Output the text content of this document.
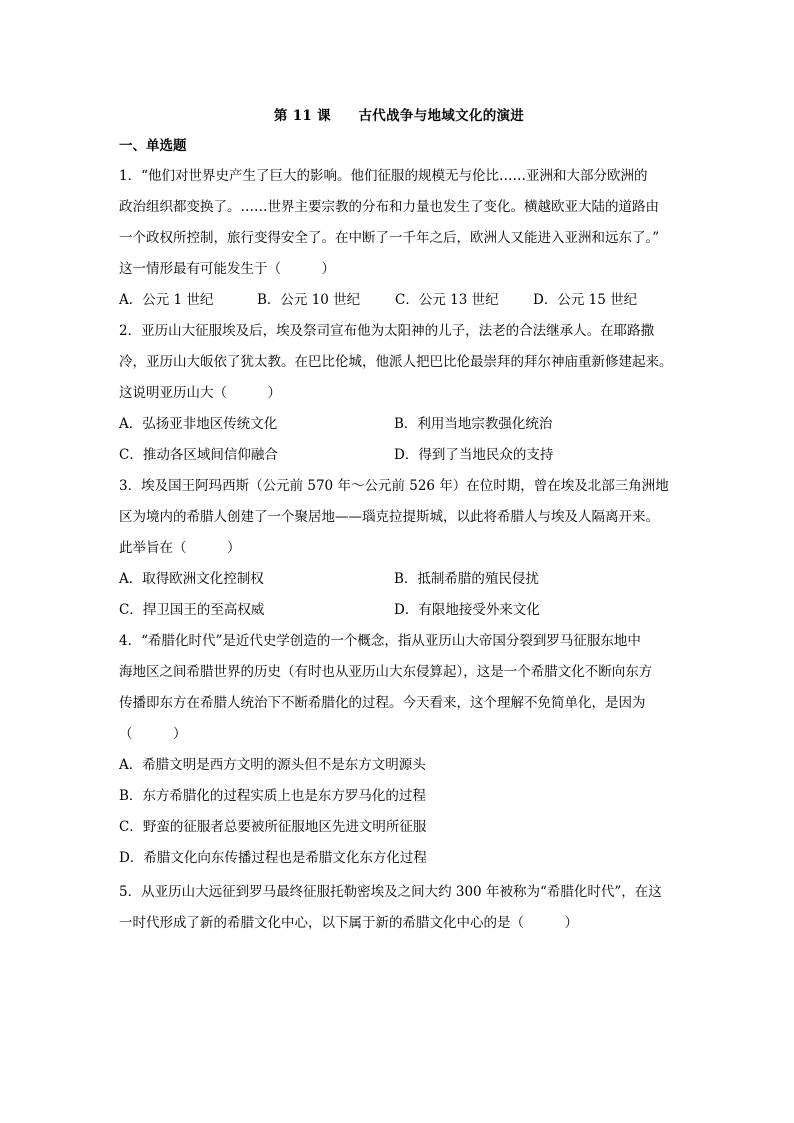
第 11 课　　古代战争与地域文化的演进
一、单选题

1．“他们对世界史产生了巨大的影响。他们征服的规模无与伦比……亚洲和大部分欧洲的

政治组织都变换了。……世界主要宗教的分布和力量也发生了变化。横越欧亚大陆的道路由

一个政权所控制，旅行变得安全了。在中断了一千年之后，欧洲人又能进入亚洲和远东了。”

这一情形最有可能发生于（　　　）

A．公元 1 世纪	B．公元 10 世纪	C．公元 13 世纪	D．公元 15 世纪

2．亚历山大征服埃及后，埃及祭司宣布他为太阳神的儿子，法老的合法继承人。在耶路撒

冷，亚历山大皈依了犹太教。在巴比伦城，他派人把巴比伦最崇拜的拜尔神庙重新修建起来。

这说明亚历山大（　　　）

A．弘扬亚非地区传统文化	B．利用当地宗教强化统治
C．推动各区域间信仰融合	D．得到了当地民众的支持

3．埃及国王阿玛西斯（公元前 570 年～公元前 526 年）在位时期，曾在埃及北部三角洲地

区为境内的希腊人创建了一个聚居地——瑙克拉提斯城，以此将希腊人与埃及人隔离开来。

此举旨在（　　　）

A．取得欧洲文化控制权	B．抵制希腊的殖民侵扰
C．捍卫国王的至高权威	D．有限地接受外来文化

4．“希腊化时代”是近代史学创造的一个概念，指从亚历山大帝国分裂到罗马征服东地中

海地区之间希腊世界的历史（有时也从亚历山大东侵算起），这是一个希腊文化不断向东方

传播即东方在希腊人统治下不断希腊化的过程。今天看来，这个理解不免简单化，是因为

（　　　）

A．希腊文明是西方文明的源头但不是东方文明源头

B．东方希腊化的过程实质上也是东方罗马化的过程

C．野蛮的征服者总要被所征服地区先进文明所征服

D．希腊文化向东传播过程也是希腊文化东方化过程

5．从亚历山大远征到罗马最终征服托勒密埃及之间大约 300 年被称为“希腊化时代”，在这

一时代形成了新的希腊文化中心，以下属于新的希腊文化中心的是（　　　）
